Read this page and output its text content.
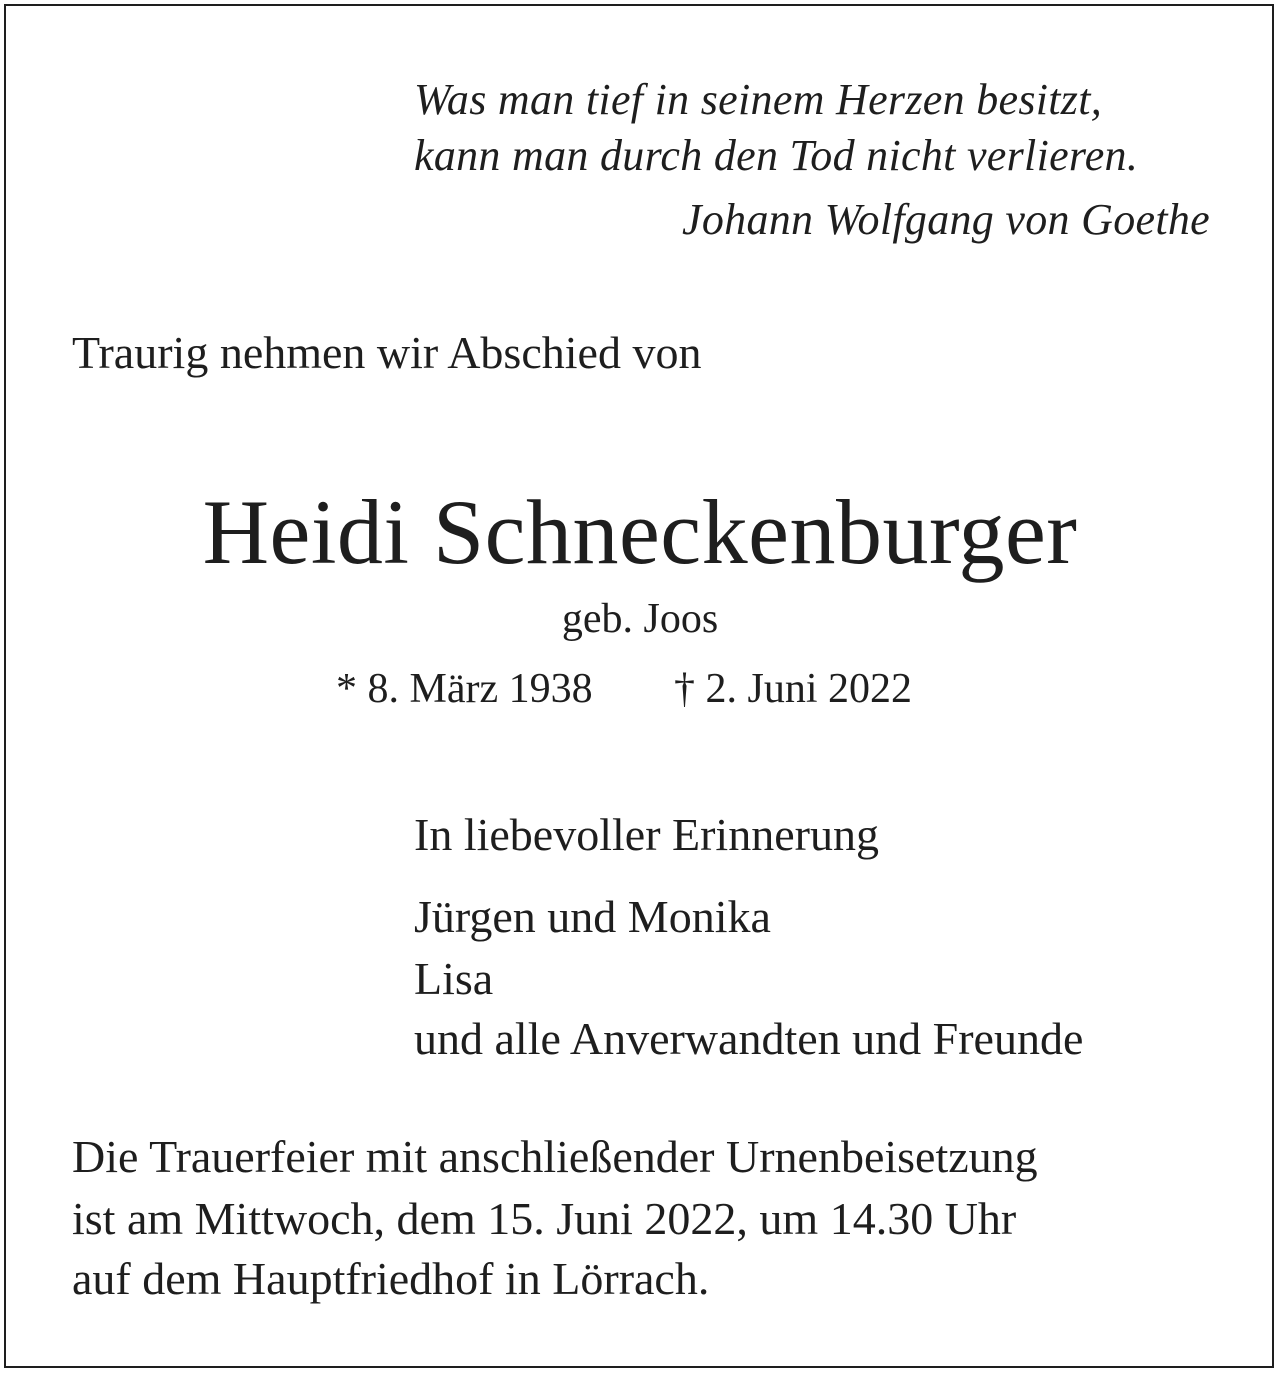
Was man tief in seinem Herzen besitzt,
kann man durch den Tod nicht verlieren.
Johann Wolfgang von Goethe
Traurig nehmen wir Abschied von
Heidi Schneckenburger
geb. Joos
* 8. März 1938 † 2. Juni 2022
In liebevoller Erinnerung
Jürgen und Monika
Lisa
und alle Anverwandten und Freunde
Die Trauerfeier mit anschließender Urnenbeisetzung
ist am Mittwoch, dem 15. Juni 2022, um 14.30 Uhr
auf dem Hauptfriedhof in Lörrach.
